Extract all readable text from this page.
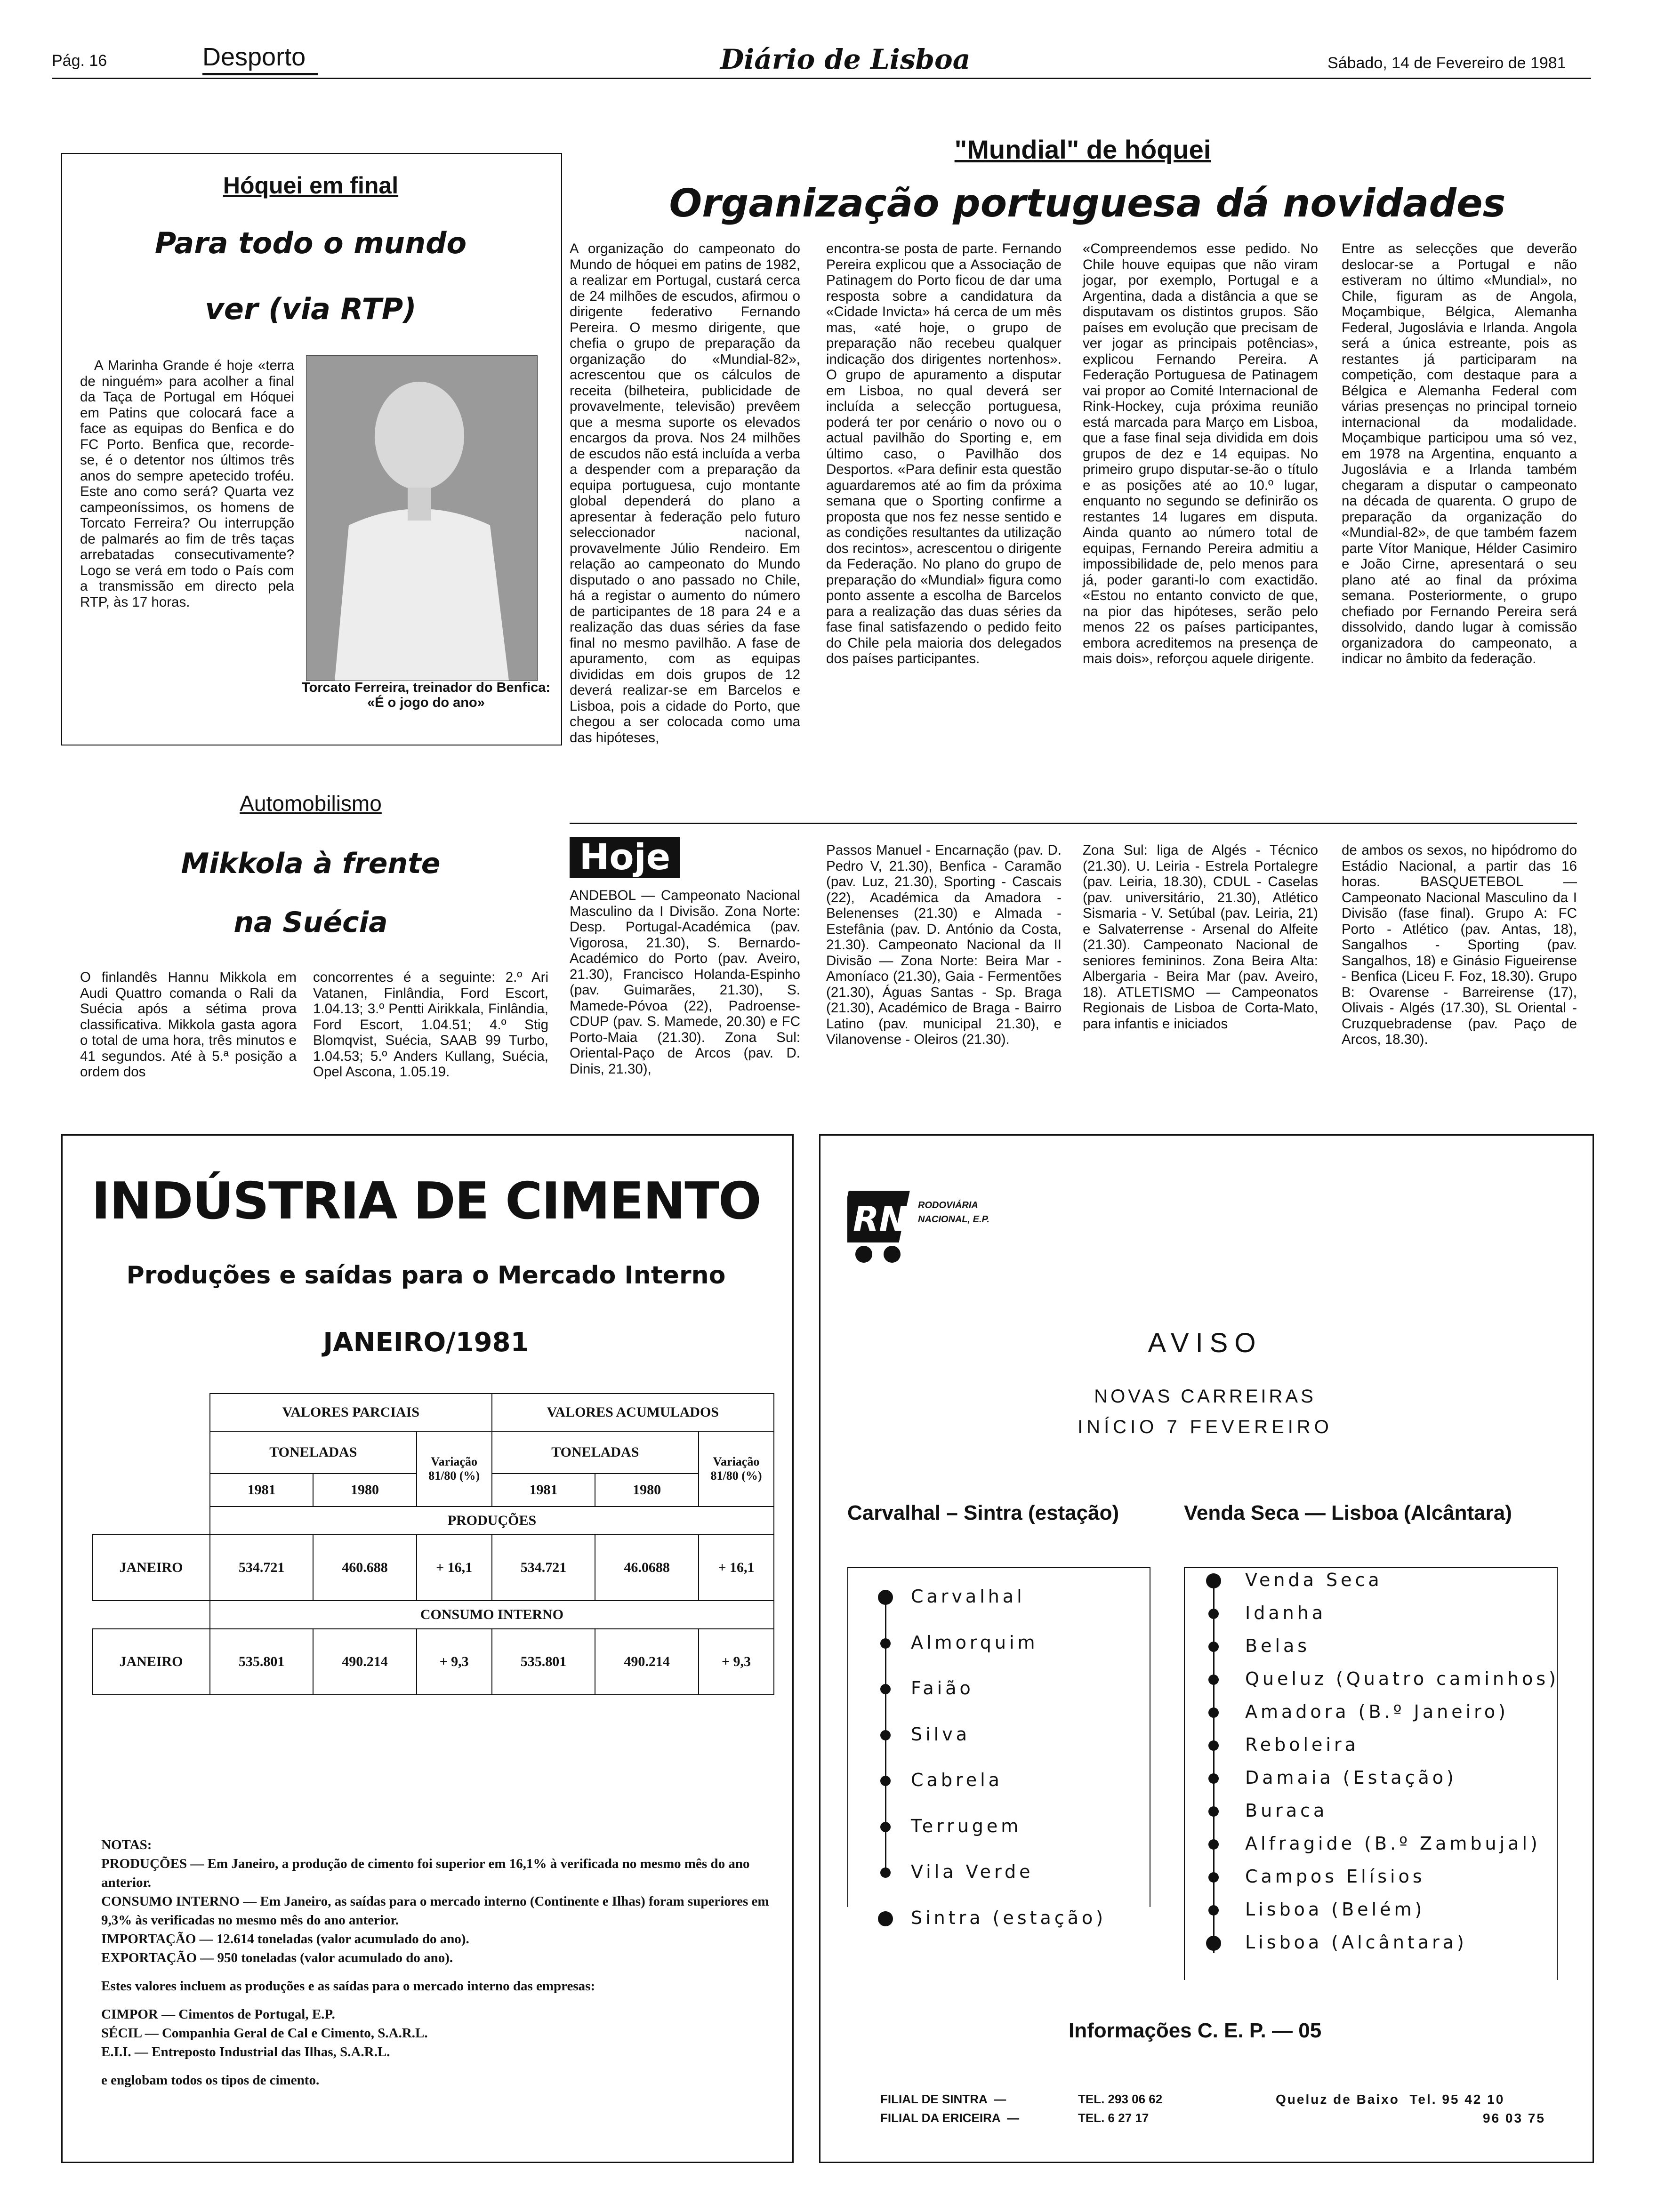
Pág. 16	Desporto	Diário de Lisboa	Sábado, 14 de Fevereiro de 1981
Hóquei em final
Para todo o mundo
ver (via RTP)

A Marinha Grande é hoje «terra de ninguém» para acolher a final da Taça de Portugal em Hóquei em Patins que colocará face a face as equipas do Benfica e do FC Porto. Benfica que, recorde-se, é o detentor nos últimos três anos do sempre apetecido troféu. Este ano como será? Quarta vez campeoníssimos, os homens de Torcato Ferreira? Ou interrupção de palmarés ao fim de três taças arrebatadas consecutivamente? Logo se verá em todo o País com a transmissão em directo pela RTP, às 17 horas.

Torcato Ferreira, treinador do Benfica: «É o jogo do ano»
"Mundial" de hóquei
Organização portuguesa dá novidades

A organização do campeonato do Mundo de hóquei em patins de 1982, a realizar em Portugal, custará cerca de 24 milhões de escudos, afirmou o dirigente federativo Fernando Pereira. O mesmo dirigente, que chefia o grupo de preparação da organização do «Mundial-82», acrescentou que os cálculos de receita (bilheteira, publicidade de provavelmente, televisão) prevêem que a mesma suporte os elevados encargos da prova. Nos 24 milhões de escudos não está incluída a verba a despender com a preparação da equipa portuguesa, cujo montante global dependerá do plano a apresentar à federação pelo futuro seleccionador nacional, provavelmente Júlio Rendeiro. Em relação ao campeonato do Mundo disputado o ano passado no Chile, há a registar o aumento do número de participantes de 18 para 24 e a realização das duas séries da fase final no mesmo pavilhão. A fase de apuramento, com as equipas divididas em dois grupos de 12 deverá realizar-se em Barcelos e Lisboa, pois a cidade do Porto, que chegou a ser colocada como uma das hipóteses,

encontra-se posta de parte. Fernando Pereira explicou que a Associação de Patinagem do Porto ficou de dar uma resposta sobre a candidatura da «Cidade Invicta» há cerca de um mês mas, «até hoje, o grupo de preparação não recebeu qualquer indicação dos dirigentes nortenhos». O grupo de apuramento a disputar em Lisboa, no qual deverá ser incluída a selecção portuguesa, poderá ter por cenário o novo ou o actual pavilhão do Sporting e, em último caso, o Pavilhão dos Desportos. «Para definir esta questão aguardaremos até ao fim da próxima semana que o Sporting confirme a proposta que nos fez nesse sentido e as condições resultantes da utilização dos recintos», acrescentou o dirigente da Federação. No plano do grupo de preparação do «Mundial» figura como ponto assente a escolha de Barcelos para a realização das duas séries da fase final satisfazendo o pedido feito do Chile pela maioria dos delegados dos países participantes.

«Compreendemos esse pedido. No Chile houve equipas que não viram jogar, por exemplo, Portugal e a Argentina, dada a distância a que se disputavam os distintos grupos. São países em evolução que precisam de ver jogar as principais potências», explicou Fernando Pereira. A Federação Portuguesa de Patinagem vai propor ao Comité Internacional de Rink-Hockey, cuja próxima reunião está marcada para Março em Lisboa, que a fase final seja dividida em dois grupos de dez e 14 equipas. No primeiro grupo disputar-se-ão o título e as posições até ao 10.º lugar, enquanto no segundo se definirão os restantes 14 lugares em disputa. Ainda quanto ao número total de equipas, Fernando Pereira admitiu a impossibilidade de, pelo menos para já, poder garanti-lo com exactidão. «Estou no entanto convicto de que, na pior das hipóteses, serão pelo menos 22 os países participantes, embora acreditemos na presença de mais dois», reforçou aquele dirigente.

Entre as selecções que deverão deslocar-se a Portugal e não estiveram no último «Mundial», no Chile, figuram as de Angola, Moçambique, Bélgica, Alemanha Federal, Jugoslávia e Irlanda. Angola será a única estreante, pois as restantes já participaram na competição, com destaque para a Bélgica e Alemanha Federal com várias presenças no principal torneio internacional da modalidade. Moçambique participou uma só vez, em 1978 na Argentina, enquanto a Jugoslávia e a Irlanda também chegaram a disputar o campeonato na década de quarenta. O grupo de preparação da organização do «Mundial-82», de que também fazem parte Vítor Manique, Hélder Casimiro e João Cirne, apresentará o seu plano até ao final da próxima semana. Posteriormente, o grupo chefiado por Fernando Pereira será dissolvido, dando lugar à comissão organizadora do campeonato, a indicar no âmbito da federação.

Automobilismo
Mikkola à frente
na Suécia

O finlandês Hannu Mikkola em Audi Quattro comanda o Rali da Suécia após a sétima prova classificativa. Mikkola gasta agora o total de uma hora, três minutos e 41 segundos. Até à 5.ª posição a ordem dos

concorrentes é a seguinte: 2.º Ari Vatanen, Finlândia, Ford Escort, 1.04.13; 3.º Pentti Airikkala, Finlândia, Ford Escort, 1.04.51; 4.º Stig Blomqvist, Suécia, SAAB 99 Turbo, 1.04.53; 5.º Anders Kullang, Suécia, Opel Ascona, 1.05.19.

Hoje

ANDEBOL — Campeonato Nacional Masculino da I Divisão. Zona Norte: Desp. Portugal-Académica (pav. Vigorosa, 21.30), S. Bernardo-Académico do Porto (pav. Aveiro, 21.30), Francisco Holanda-Espinho (pav. Guimarães, 21.30), S. Mamede-Póvoa (22), Padroense-CDUP (pav. S. Mamede, 20.30) e FC Porto-Maia (21.30). Zona Sul: Oriental-Paço de Arcos (pav. D. Dinis, 21.30),

Passos Manuel - Encarnação (pav. D. Pedro V, 21.30), Benfica - Caramão (pav. Luz, 21.30), Sporting - Cascais (22), Académica da Amadora - Belenenses (21.30) e Almada - Estefânia (pav. D. António da Costa, 21.30). Campeonato Nacional da II Divisão — Zona Norte: Beira Mar - Amoníaco (21.30), Gaia - Fermentões (21.30), Águas Santas - Sp. Braga (21.30), Académico de Braga - Bairro Latino (pav. municipal 21.30), e Vilanovense - Oleiros (21.30).

Zona Sul: liga de Algés - Técnico (21.30). U. Leiria - Estrela Portalegre (pav. Leiria, 18.30), CDUL - Caselas (pav. universitário, 21.30), Atlético Sismaria - V. Setúbal (pav. Leiria, 21) e Salvaterrense - Arsenal do Alfeite (21.30). Campeonato Nacional de seniores femininos. Zona Beira Alta: Albergaria - Beira Mar (pav. Aveiro, 18). ATLETISMO — Campeonatos Regionais de Lisboa de Corta-Mato, para infantis e iniciados

de ambos os sexos, no hipódromo do Estádio Nacional, a partir das 16 horas. BASQUETEBOL — Campeonato Nacional Masculino da I Divisão (fase final). Grupo A: FC Porto - Atlético (pav. Antas, 18), Sangalhos - Sporting (pav. Sangalhos, 18) e Ginásio Figueirense - Benfica (Liceu F. Foz, 18.30). Grupo B: Ovarense - Barreirense (17), Olivais - Algés (17.30), SL Oriental - Cruzquebradense (pav. Paço de Arcos, 18.30).

INDÚSTRIA DE CIMENTO
Produções e saídas para o Mercado Interno
JANEIRO/1981
	VALORES PARCIAIS			VALORES ACUMULADOS		
	TONELADAS		Variação 81/80 (%)	TONELADAS		Variação 81/80 (%)
	1981	1980		1981	1980	
	PRODUÇÕES					
JANEIRO	534.721	460.688	+ 16,1	534.721	46.0688	+ 16,1
	CONSUMO INTERNO					
JANEIRO	535.801	490.214	+ 9,3	535.801	490.214	+ 9,3
NOTAS:
PRODUÇÕES — Em Janeiro, a produção de cimento foi superior em 16,1% à verificada no mesmo mês do ano anterior.
CONSUMO INTERNO — Em Janeiro, as saídas para o mercado interno (Continente e Ilhas) foram superiores em 9,3% às verificadas no mesmo mês do ano anterior.
IMPORTAÇÃO — 12.614 toneladas (valor acumulado do ano).
EXPORTAÇÃO — 950 toneladas (valor acumulado do ano).
Estes valores incluem as produções e as saídas para o mercado interno das empresas:
CIMPOR — Cimentos de Portugal, E.P.
SÉCIL — Companhia Geral de Cal e Cimento, S.A.R.L.
E.I.I. — Entreposto Industrial das Ilhas, S.A.R.L.
e englobam todos os tipos de cimento.
RN RODOVIÁRIA
NACIONAL, E.P.
AVISO
NOVAS CARREIRAS
INÍCIO 7 FEVEREIRO
Carvalhal – Sintra (estação)	Venda Seca — Lisboa (Alcântara)
Carvalhal
Almorquim
Faião
Silva
Cabrela
Terrugem
Vila Verde
Sintra (estação)
Venda Seca
Idanha
Belas
Queluz (Quatro caminhos)
Amadora (B.º Janeiro)
Reboleira
Damaia (Estação)
Buraca
Alfragide (B.º Zambujal)
Campos Elísios
Lisboa (Belém)
Lisboa (Alcântara)
Informações C. E. P. — 05
FILIAL DE SINTRA  —	TEL. 293 06 62
FILIAL DA ERICEIRA  —	TEL. 6 27 17
Queluz de Baixo  Tel. 95 42 10
96 03 75
